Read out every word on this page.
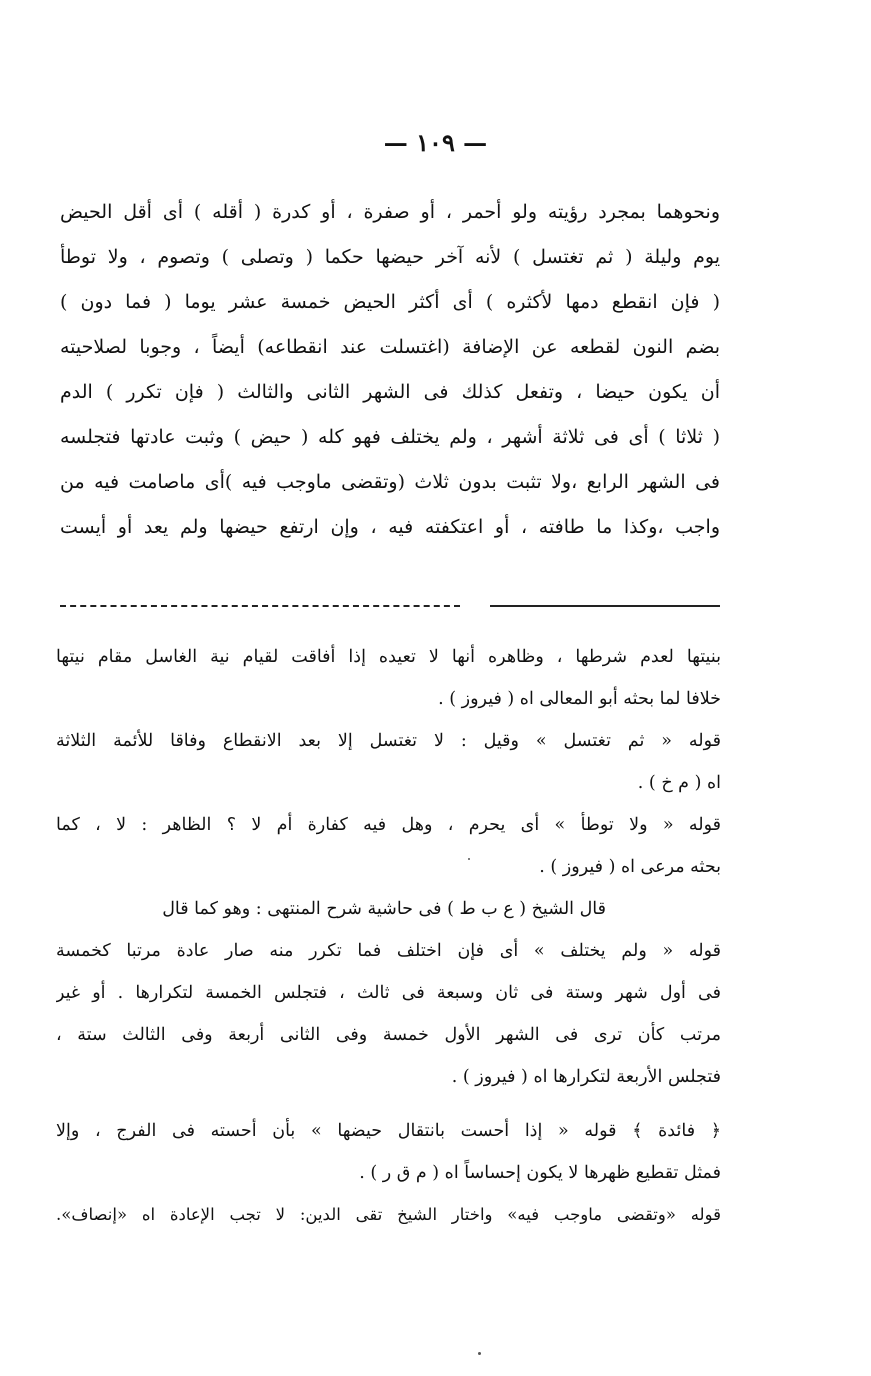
— ١٠٩ —
ونحوهما بمجرد رؤيته ولو أحمر ، أو صفرة ، أو كدرة ( أقله ) أى أقل الحيض
يوم وليلة ( ثم تغتسل ) لأنه آخر حيضها حكما ( وتصلى ) وتصوم ، ولا توطأ
( فإن انقطع دمها لأكثره ) أى أكثر الحيض خمسة عشر يوما ( فما دون )
بضم النون لقطعه عن الإضافة (اغتسلت عند انقطاعه) أيضاً ، وجوبا لصلاحيته
أن يكون حيضا ، وتفعل كذلك فى الشهر الثانى والثالث ( فإن تكرر ) الدم
( ثلاثا ) أى فى ثلاثة أشهر ، ولم يختلف فهو كله ( حيض ) وثبت عادتها فتجلسه
فى الشهر الرابع ،ولا تثبت بدون ثلاث (وتقضى ماوجب فيه )أى ماصامت فيه من
واجب ،وكذا ما طافته ، أو اعتكفته فيه ، وإن ارتفع حيضها ولم يعد أو أيست
بنيتها لعدم شرطها ، وظاهره أنها لا تعيده إذا أفاقت لقيام نية الغاسل مقام نيتها
خلافا لما بحثه أبو المعالى اه ( فيروز ) .
قوله « ثم تغتسل » وقيل : لا تغتسل إلا بعد الانقطاع وفاقا للأئمة الثلاثة
اه ( م خ ) .
قوله « ولا توطأ » أى يحرم ، وهل فيه كفارة أم لا ؟ الظاهر : لا ، كما
بحثه مرعى اه ( فيروز ) .
قال الشيخ ( ع ب ط ) فى حاشية شرح المنتهى : وهو كما قال
قوله « ولم يختلف » أى فإن اختلف فما تكرر منه صار عادة مرتبا كخمسة
فى أول شهر وستة فى ثان وسبعة فى ثالث ، فتجلس الخمسة لتكرارها . أو غير
مرتب كأن ترى فى الشهر الأول خمسة وفى الثانى أربعة وفى الثالث ستة ،
فتجلس الأربعة لتكرارها اه ( فيروز ) .
﴿ فائدة ﴾ قوله « إذا أحست بانتقال حيضها » بأن أحسته فى الفرج ، وإلا
فمثل تقطيع ظهرها لا يكون إحساساً اه ( م ق ر ) .
قوله «وتقضى ماوجب فيه» واختار الشيخ تقى الدين: لا تجب الإعادة اه «إنصاف».
